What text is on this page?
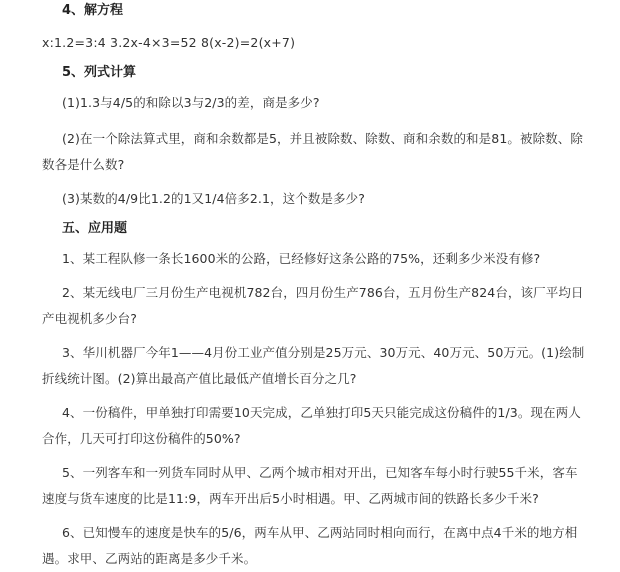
4、解方程

x:1.2=3:4 3.2x-4×3=52 8(x-2)=2(x+7)

5、列式计算

(1)1.3与4/5的和除以3与2/3的差，商是多少?

(2)在一个除法算式里，商和余数都是5，并且被除数、除数、商和余数的和是81。被除数、除

数各是什么数?

(3)某数的4/9比1.2的1又1/4倍多2.1，这个数是多少?

五、应用题

1、某工程队修一条长1600米的公路，已经修好这条公路的75%，还剩多少米没有修?

2、某无线电厂三月份生产电视机782台，四月份生产786台，五月份生产824台，该厂平均日

产电视机多少台?

3、华川机器厂今年1——4月份工业产值分别是25万元、30万元、40万元、50万元。(1)绘制

折线统计图。(2)算出最高产值比最低产值增长百分之几?

4、一份稿件，甲单独打印需要10天完成，乙单独打印5天只能完成这份稿件的1/3。现在两人

合作，几天可打印这份稿件的50%?

5、一列客车和一列货车同时从甲、乙两个城市相对开出，已知客车每小时行驶55千米，客车

速度与货车速度的比是11:9，两车开出后5小时相遇。甲、乙两城市间的铁路长多少千米?

6、已知慢车的速度是快车的5/6，两车从甲、乙两站同时相向而行，在离中点4千米的地方相

遇。求甲、乙两站的距离是多少千米。
